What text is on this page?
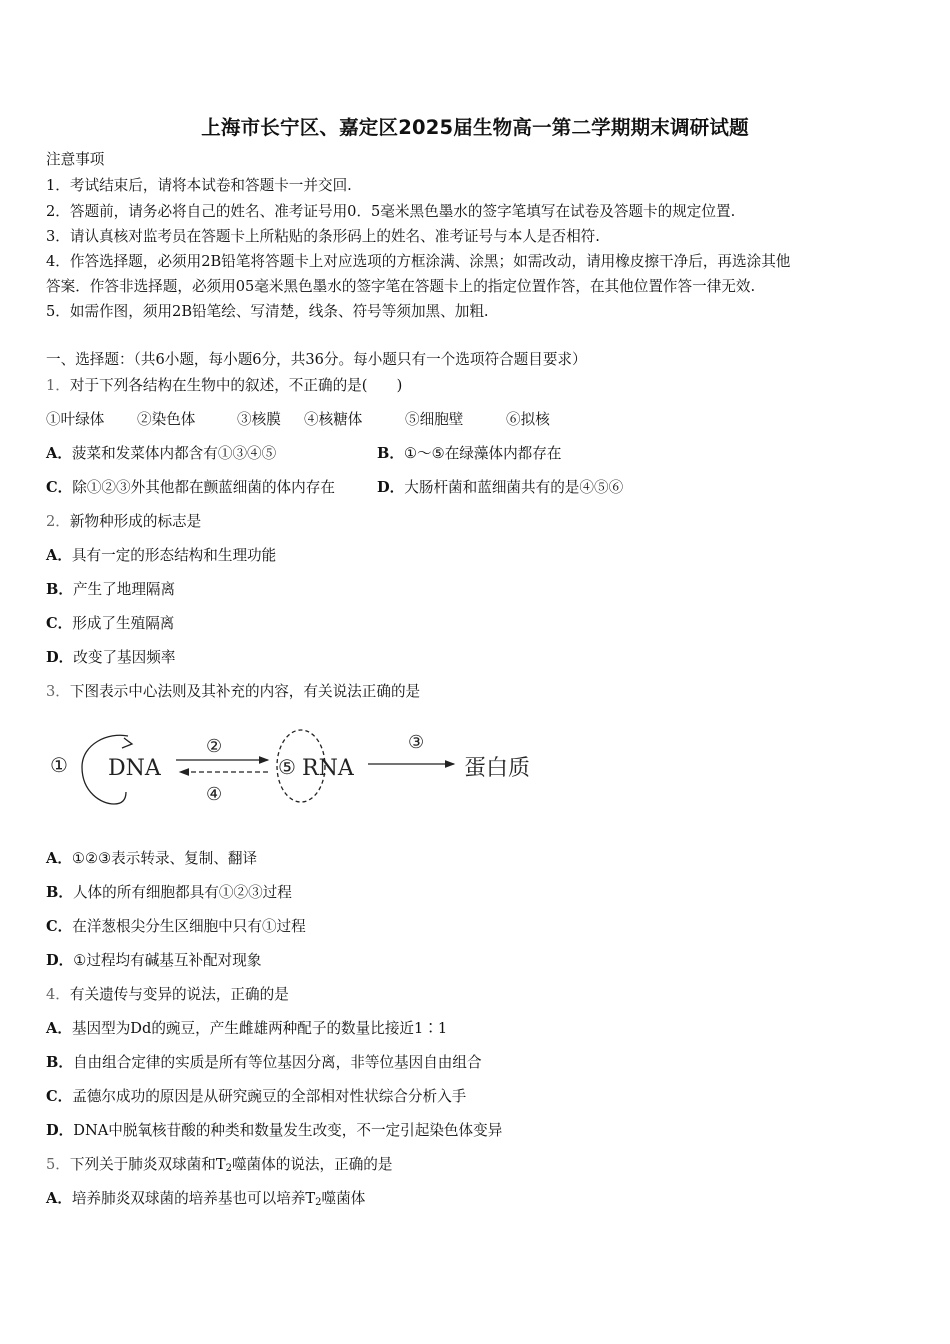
上海市长宁区、嘉定区2025届生物高一第二学期期末调研试题
注意事项
1．考试结束后，请将本试卷和答题卡一并交回.
2．答题前，请务必将自己的姓名、准考证号用0．5毫米黑色墨水的签字笔填写在试卷及答题卡的规定位置.
3．请认真核对监考员在答题卡上所粘贴的条形码上的姓名、准考证号与本人是否相符.
4．作答选择题，必须用2B铅笔将答题卡上对应选项的方框涂满、涂黑；如需改动，请用橡皮擦干净后，再选涂其他
答案．作答非选择题，必须用05毫米黑色墨水的签字笔在答题卡上的指定位置作答，在其他位置作答一律无效.
5．如需作图，须用2B铅笔绘、写清楚，线条、符号等须加黑、加粗.
一、选择题：（共6小题，每小题6分，共36分。每小题只有一个选项符合题目要求）
1．对于下列各结构在生物中的叙述，不正确的是(　　)
①叶绿体 ②染色体	③核膜 ④核糖体	⑤细胞壁	⑥拟核
A．菠菜和发菜体内都含有①③④⑤	B．①～⑤在绿藻体内都存在
C．除①②③外其他都在颤蓝细菌的体内存在	D．大肠杆菌和蓝细菌共有的是④⑤⑥
2．新物种形成的标志是
A．具有一定的形态结构和生理功能
B．产生了地理隔离
C．形成了生殖隔离
D．改变了基因频率
3．下图表示中心法则及其补充的内容，有关说法正确的是
① DNA
②
④
⑤ RNA
③
蛋白质
A．①②③表示转录、复制、翻译
B．人体的所有细胞都具有①②③过程
C．在洋葱根尖分生区细胞中只有①过程
D．①过程均有碱基互补配对现象
4．有关遗传与变异的说法，正确的是
A．基因型为Dd的豌豆，产生雌雄两种配子的数量比接近1∶1
B．自由组合定律的实质是所有等位基因分离，非等位基因自由组合
C．孟德尔成功的原因是从研究豌豆的全部相对性状综合分析入手
D．DNA中脱氧核苷酸的种类和数量发生改变，不一定引起染色体变异
5．下列关于肺炎双球菌和$T_2$噬菌体的说法，正确的是
A．培养肺炎双球菌的培养基也可以培养$T_2$噬菌体
